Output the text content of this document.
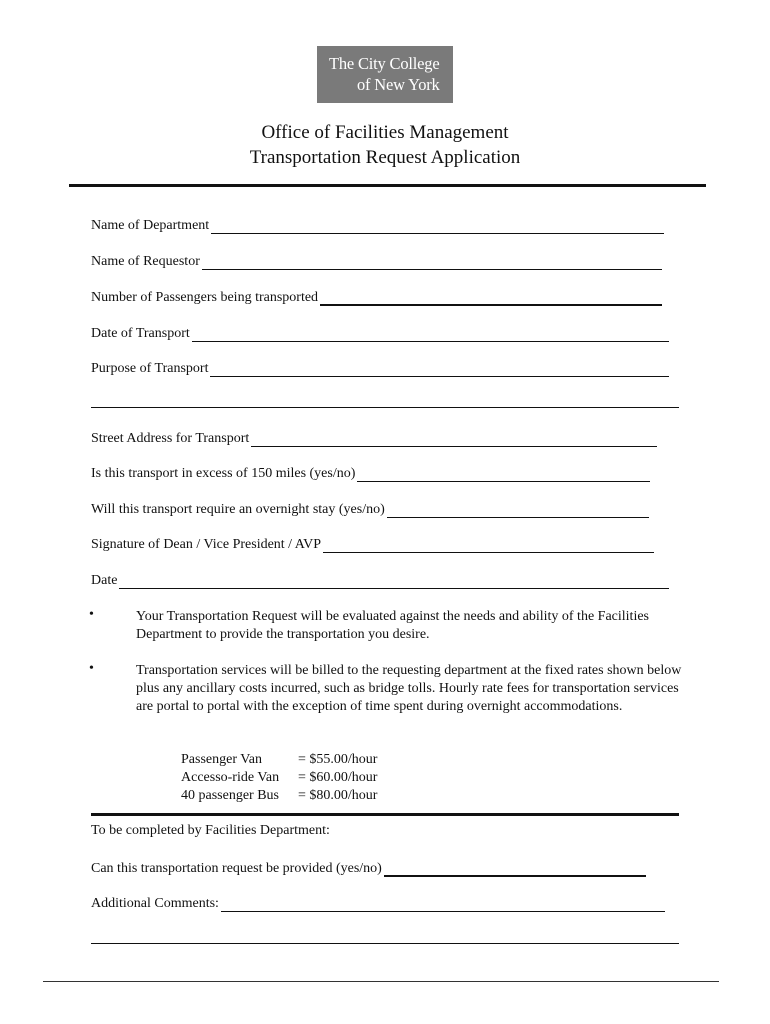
The City College
of New York
Office of Facilities Management
Transportation Request Application
Name of Department
Name of Requestor
Number of Passengers being transported
Date of Transport
Purpose of Transport
Street Address for Transport
Is this transport in excess of 150 miles (yes/no)
Will this transport require an overnight stay (yes/no)
Signature of Dean / Vice President / AVP
Date
•	Your Transportation Request will be evaluated against the needs and ability of the Facilities Department to provide the transportation you desire.
•	Transportation services will be billed to the requesting department at the fixed rates shown below plus any ancillary costs incurred, such as bridge tolls. Hourly rate fees for transportation services are portal to portal with the exception of time spent during overnight accommodations.
Passenger Van	= $55.00/hour
Accesso-ride Van	= $60.00/hour
40 passenger Bus	= $80.00/hour
To be completed by Facilities Department:
Can this transportation request be provided (yes/no)
Additional Comments:
